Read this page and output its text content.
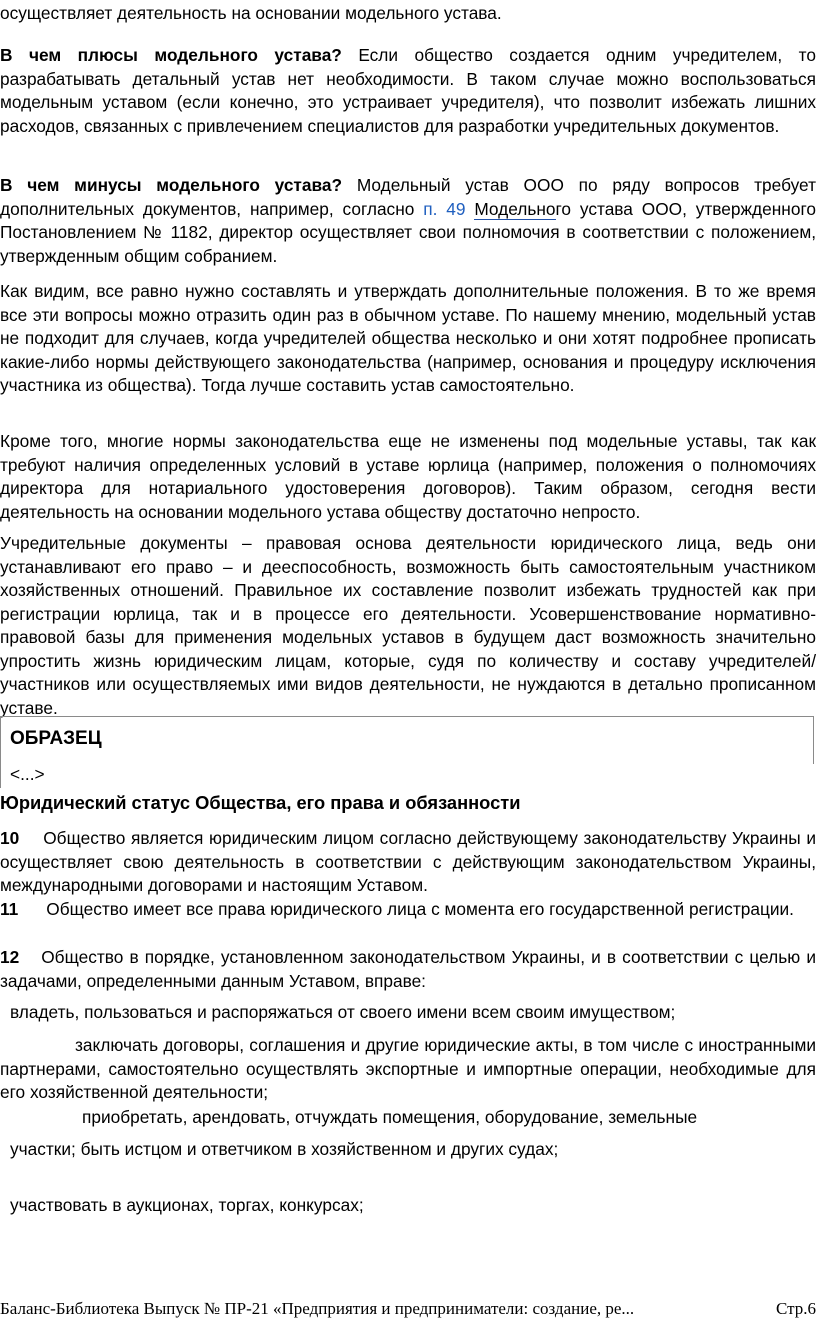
осуществляет деятельность на основании модельного устава.

В чем плюсы модельного устава? Если общество создается одним учредителем, то разрабатывать детальный устав нет необходимости. В таком случае можно воспользоваться модельным уставом (если конечно, это устраивает учредителя), что позволит избежать лишних расходов, связанных с привлечением специалистов для разработки учредительных документов.

В чем минусы модельного устава? Модельный устав ООО по ряду вопросов требует дополнительных документов, например, согласно п. 49 Модельного устава ООО, утвержденного Постановлением № 1182, директор осуществляет свои полномочия в соответствии с положением, утвержденным общим собранием.

Как видим, все равно нужно составлять и утверждать дополнительные положения. В то же время все эти вопросы можно отразить один раз в обычном уставе. По нашему мнению, модельный устав не подходит для случаев, когда учредителей общества несколько и они хотят подробнее прописать какие-либо нормы действующего законодательства (например, основания и процедуру исключения участника из общества). Тогда лучше составить устав самостоятельно.

Кроме того, многие нормы законодательства еще не изменены под модельные уставы, так как требуют наличия определенных условий в уставе юрлица (например, положения о полномочиях директора для нотариального удостоверения договоров). Таким образом, сегодня вести деятельность на основании модельного устава обществу достаточно непросто.

Учредительные документы – правовая основа деятельности юридического лица, ведь они устанавливают его право – и дееспособность, возможность быть самостоятельным участником хозяйственных отношений. Правильное их составление позволит избежать трудностей как при регистрации юрлица, так и в процессе его деятельности. Усовершенствование нормативно-правовой базы для применения модельных уставов в будущем даст возможность значительно упростить жизнь юридическим лицам, которые, судя по количеству и составу учредителей/участников или осуществляемых ими видов деятельности, не нуждаются в детально прописанном уставе.

ОБРАЗЕЦ
<...>
Юридический статус Общества, его права и обязанности

10 Общество является юридическим лицом согласно действующему законодательству Украины и осуществляет свою деятельность в соответствии с действующим законодательством Украины, международными договорами и настоящим Уставом.

11 Общество имеет все права юридического лица с момента его государственной регистрации.

12 Общество в порядке, установленном законодательством Украины, и в соответствии с целью и задачами, определенными данным Уставом, вправе:

владеть, пользоваться и распоряжаться от своего имени всем своим имуществом;

заключать договоры, соглашения и другие юридические акты, в том числе с иностранными партнерами, самостоятельно осуществлять экспортные и импортные операции, необходимые для его хозяйственной деятельности;

приобретать, арендовать, отчуждать помещения, оборудование, земельные

участки; быть истцом и ответчиком в хозяйственном и других судах;

участвовать в аукционах, торгах, конкурсах;

Баланс-Библиотека Выпуск № ПР-21 «Предприятия и предприниматели: создание, ре...	Стр.6
